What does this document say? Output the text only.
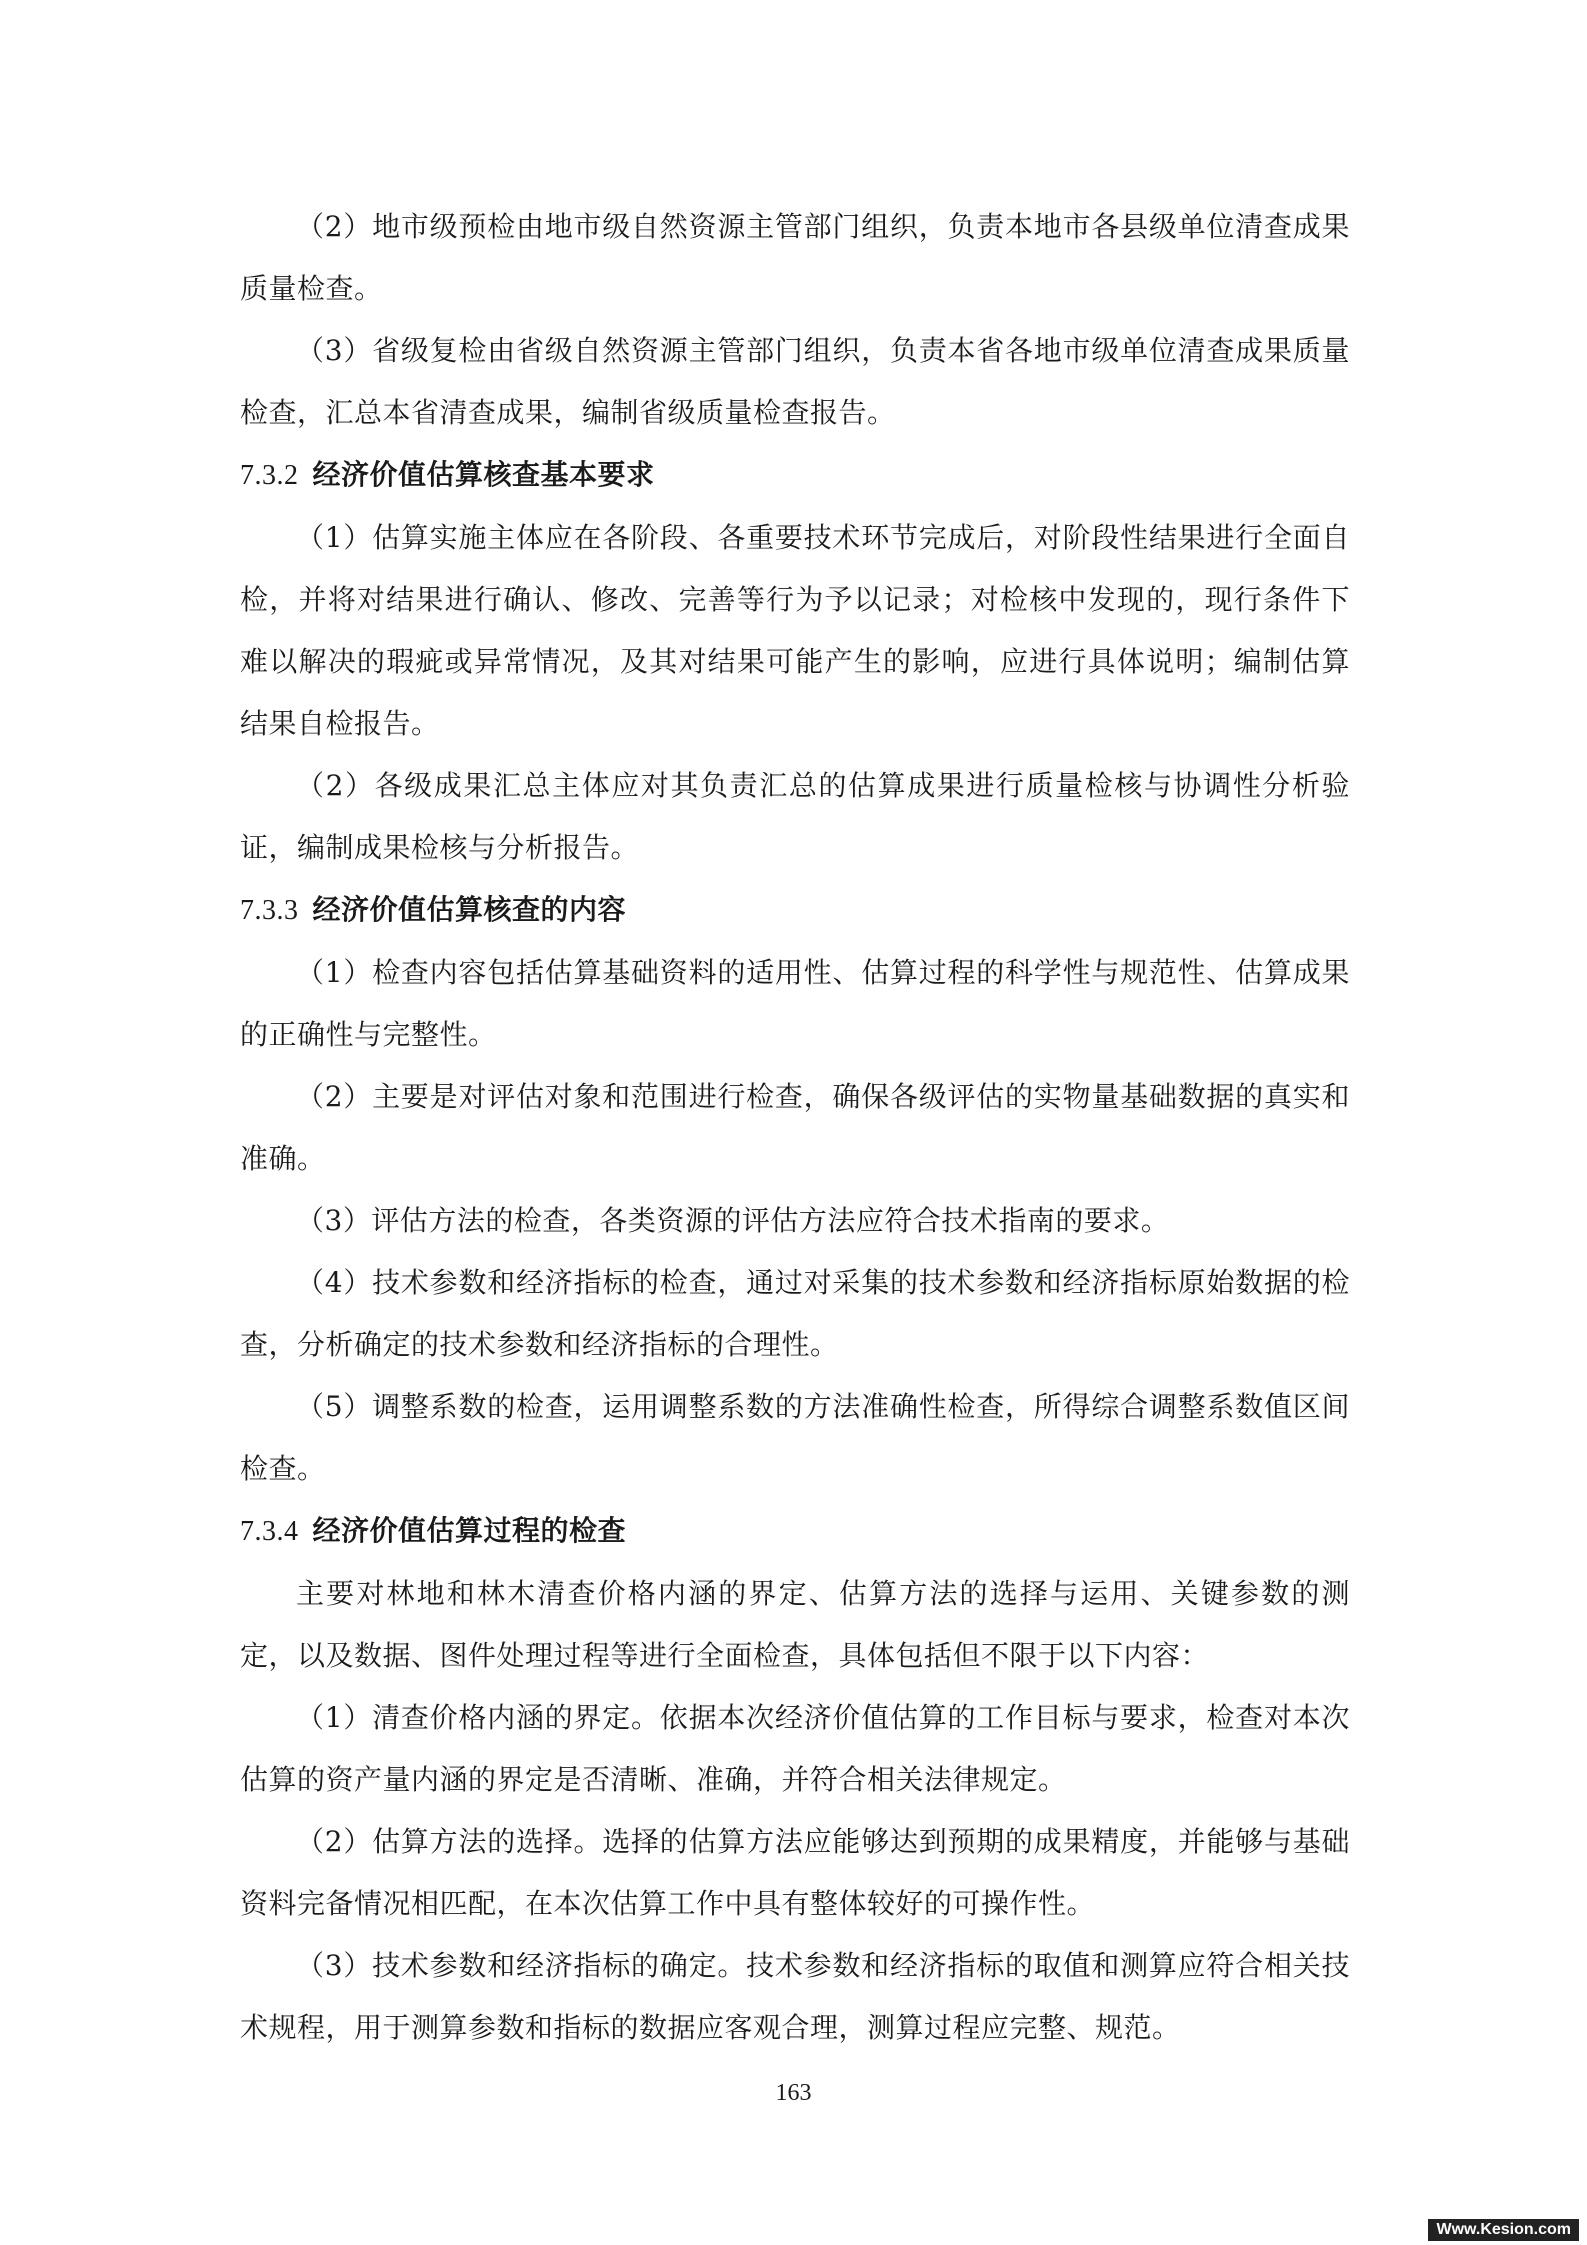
（2）地市级预检由地市级自然资源主管部门组织，负责本地市各县级单位清查成果质量检查。

（3）省级复检由省级自然资源主管部门组织，负责本省各地市级单位清查成果质量检查，汇总本省清查成果，编制省级质量检查报告。

7.3.2 经济价值估算核查基本要求

（1）估算实施主体应在各阶段、各重要技术环节完成后，对阶段性结果进行全面自检，并将对结果进行确认、修改、完善等行为予以记录；对检核中发现的，现行条件下难以解决的瑕疵或异常情况，及其对结果可能产生的影响，应进行具体说明；编制估算结果自检报告。

（2）各级成果汇总主体应对其负责汇总的估算成果进行质量检核与协调性分析验证，编制成果检核与分析报告。

7.3.3 经济价值估算核查的内容

（1）检查内容包括估算基础资料的适用性、估算过程的科学性与规范性、估算成果的正确性与完整性。

（2）主要是对评估对象和范围进行检查，确保各级评估的实物量基础数据的真实和准确。

（3）评估方法的检查，各类资源的评估方法应符合技术指南的要求。

（4）技术参数和经济指标的检查，通过对采集的技术参数和经济指标原始数据的检查，分析确定的技术参数和经济指标的合理性。

（5）调整系数的检查，运用调整系数的方法准确性检查，所得综合调整系数值区间检查。

7.3.4 经济价值估算过程的检查

主要对林地和林木清查价格内涵的界定、估算方法的选择与运用、关键参数的测定，以及数据、图件处理过程等进行全面检查，具体包括但不限于以下内容：

（1）清查价格内涵的界定。依据本次经济价值估算的工作目标与要求，检查对本次估算的资产量内涵的界定是否清晰、准确，并符合相关法律规定。

（2）估算方法的选择。选择的估算方法应能够达到预期的成果精度，并能够与基础资料完备情况相匹配，在本次估算工作中具有整体较好的可操作性。

（3）技术参数和经济指标的确定。技术参数和经济指标的取值和测算应符合相关技术规程，用于测算参数和指标的数据应客观合理，测算过程应完整、规范。

163
Www.Kesion.com
